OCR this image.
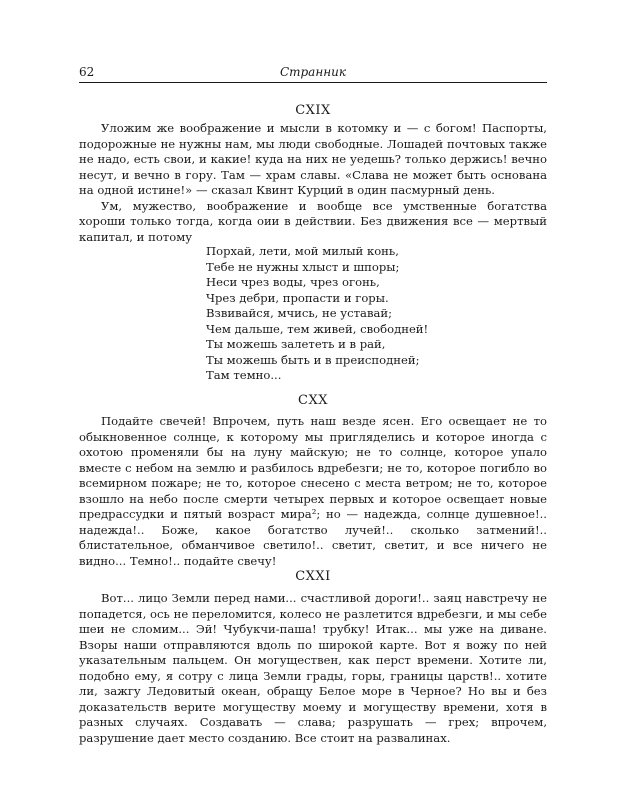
62	Странник
CXIX

Уложим же воображение и мысли в котомку и — с богом! Паспорты, подорожные не нужны нам, мы люди свободные. Лошадей почтовых также не надо, есть свои, и какие! куда на них не уедешь? только держись! вечно несут, и вечно в гору. Там — храм славы. «Слава не может быть основана на одной истине!» — сказал Квинт Курций в один пасмурный день.

Ум, мужество, воображение и вообще все умственные богатства хороши только тогда, когда оии в действии. Без движения все — мертвый капитал, и потому

Порхай, лети, мой милый конь,
Тебе не нужны хлыст и шпоры;
Неси чрез воды, чрез огонь,
Чрез дебри, пропасти и горы.
Взвивайся, мчись, не уставай;
Чем дальше, тем живей, свободней!
Ты можешь залететь и в рай,
Ты можешь быть и в преисподней;
Там темно...
CXX

Подайте свечей! Впрочем, путь наш везде ясен. Его освещает не то обыкновенное солнце, к которому мы пригляделись и которое иногда с охотою променяли бы на луну майскую; не то солнце, которое упало вместе с небом на землю и разбилось вдребезги; не то, которое погибло во всемирном пожаре; не то, которое снесено с места ветром; не то, которое взошло на небо после смерти четырех первых и которое освещает новые предрассудки и пятый возраст мира²; но — надежда, солнце душевное!.. надежда!.. Боже, какое богатство лучей!.. сколько затмений!.. блистательное, обманчивое светило!.. светит, светит, и все ничего не видно... Темно!.. подайте свечу!

CXXI

Вот... лицо Земли перед нами... счастливой дороги!.. заяц навстречу не попадется, ось не переломится, колесо не разлетится вдребезги, и мы себе шеи не сломим... Эй! Чубукчи-паша! трубку! Итак... мы уже на диване. Взоры наши отправляются вдоль по широкой карте. Вот я вожу по ней указательным пальцем. Он могуществен, как перст времени. Хотите ли, подобно ему, я сотру с лица Земли грады, горы, границы царств!.. хотите ли, зажгу Ледовитый океан, обращу Белое море в Черное? Но вы и без доказательств верите могуществу моему и могуществу времени, хотя в разных случаях. Создавать — слава; разрушать — грех; впрочем, разрушение дает место созданию. Все стоит на развалинах.
